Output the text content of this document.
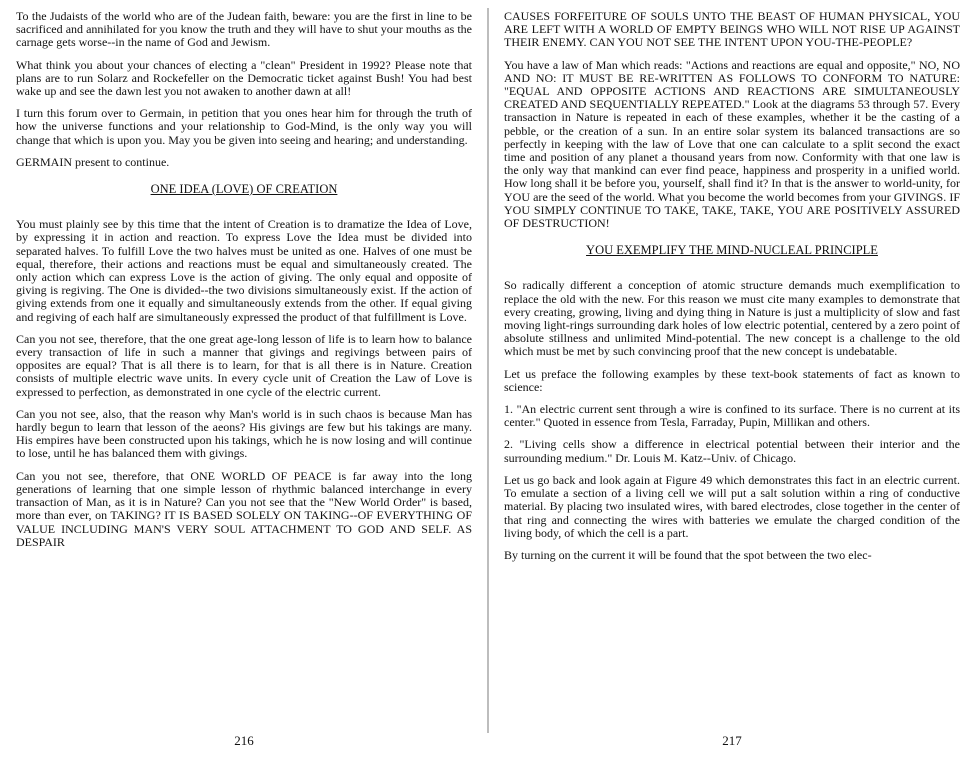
To the Judaists of the world who are of the Judean faith, beware: you are the first in line to be sacrificed and annihilated for you know the truth and they will have to shut your mouths as the carnage gets worse--in the name of God and Jewism.

What think you about your chances of electing a "clean" President in 1992? Please note that plans are to run Solarz and Rockefeller on the Democratic ticket against Bush! You had best wake up and see the dawn lest you not awaken to another dawn at all!

I turn this forum over to Germain, in petition that you ones hear him for through the truth of how the universe functions and your relationship to God-Mind, is the only way you will change that which is upon you. May you be given into seeing and hearing; and understanding.

GERMAIN present to continue.

ONE IDEA (LOVE) OF CREATION

You must plainly see by this time that the intent of Creation is to dramatize the Idea of Love, by expressing it in action and reaction. To express Love the Idea must be divided into separated halves. To fulfill Love the two halves must be united as one. Halves of one must be equal, therefore, their actions and reactions must be equal and simultaneously created. The only action which can express Love is the action of giving. The only equal and opposite of giving is regiving. The One is divided--the two divisions simultaneously exist. If the action of giving extends from one it equally and simultaneously extends from the other. If equal giving and regiving of each half are simultaneously expressed the product of that fulfillment is Love.

Can you not see, therefore, that the one great age-long lesson of life is to learn how to balance every transaction of life in such a manner that givings and regivings between pairs of opposites are equal? That is all there is to learn, for that is all there is in Nature. Creation consists of multiple electric wave units. In every cycle unit of Creation the Law of Love is expressed to perfection, as demonstrated in one cycle of the electric current.

Can you not see, also, that the reason why Man's world is in such chaos is because Man has hardly begun to learn that lesson of the aeons? His givings are few but his takings are many. His empires have been constructed upon his takings, which he is now losing and will continue to lose, until he has balanced them with givings.

Can you not see, therefore, that ONE WORLD OF PEACE is far away into the long generations of learning that one simple lesson of rhythmic balanced interchange in every transaction of Man, as it is in Nature? Can you not see that the "New World Order" is based, more than ever, on TAKING? IT IS BASED SOLELY ON TAKING--OF EVERYTHING OF VALUE INCLUDING MAN'S VERY SOUL ATTACHMENT TO GOD AND SELF. AS DESPAIR

216

CAUSES FORFEITURE OF SOULS UNTO THE BEAST OF HUMAN PHYSICAL, YOU ARE LEFT WITH A WORLD OF EMPTY BEINGS WHO WILL NOT RISE UP AGAINST THEIR ENEMY. CAN YOU NOT SEE THE INTENT UPON YOU-THE-PEOPLE?

You have a law of Man which reads: "Actions and reactions are equal and opposite," NO, NO AND NO: IT MUST BE RE-WRITTEN AS FOLLOWS TO CONFORM TO NATURE: "EQUAL AND OPPOSITE ACTIONS AND REACTIONS ARE SIMULTANEOUSLY CREATED AND SEQUENTIALLY REPEATED." Look at the diagrams 53 through 57. Every transaction in Nature is repeated in each of these examples, whether it be the casting of a pebble, or the creation of a sun. In an entire solar system its balanced transactions are so perfectly in keeping with the law of Love that one can calculate to a split second the exact time and position of any planet a thousand years from now. Conformity with that one law is the only way that mankind can ever find peace, happiness and prosperity in a unified world. How long shall it be before you, yourself, shall find it? In that is the answer to world-unity, for YOU are the seed of the world. What you become the world becomes from your GIVINGS. IF YOU SIMPLY CONTINUE TO TAKE, TAKE, TAKE, YOU ARE POSITIVELY ASSURED OF DESTRUCTION!

YOU EXEMPLIFY THE MIND-NUCLEAL PRINCIPLE

So radically different a conception of atomic structure demands much exemplification to replace the old with the new. For this reason we must cite many examples to demonstrate that every creating, growing, living and dying thing in Nature is just a multiplicity of slow and fast moving light-rings surrounding dark holes of low electric potential, centered by a zero point of absolute stillness and unlimited Mind-potential. The new concept is a challenge to the old which must be met by such convincing proof that the new concept is undebatable.

Let us preface the following examples by these text-book statements of fact as known to science:

1. "An electric current sent through a wire is confined to its surface. There is no current at its center." Quoted in essence from Tesla, Farraday, Pupin, Millikan and others.

2. "Living cells show a difference in electrical potential between their interior and the surrounding medium." Dr. Louis M. Katz--Univ. of Chicago.

Let us go back and look again at Figure 49 which demonstrates this fact in an electric current. To emulate a section of a living cell we will put a salt solution within a ring of conductive material. By placing two insulated wires, with bared electrodes, close together in the center of that ring and connecting the wires with batteries we emulate the charged condition of the living body, of which the cell is a part.

By turning on the current it will be found that the spot between the two elec-

217
